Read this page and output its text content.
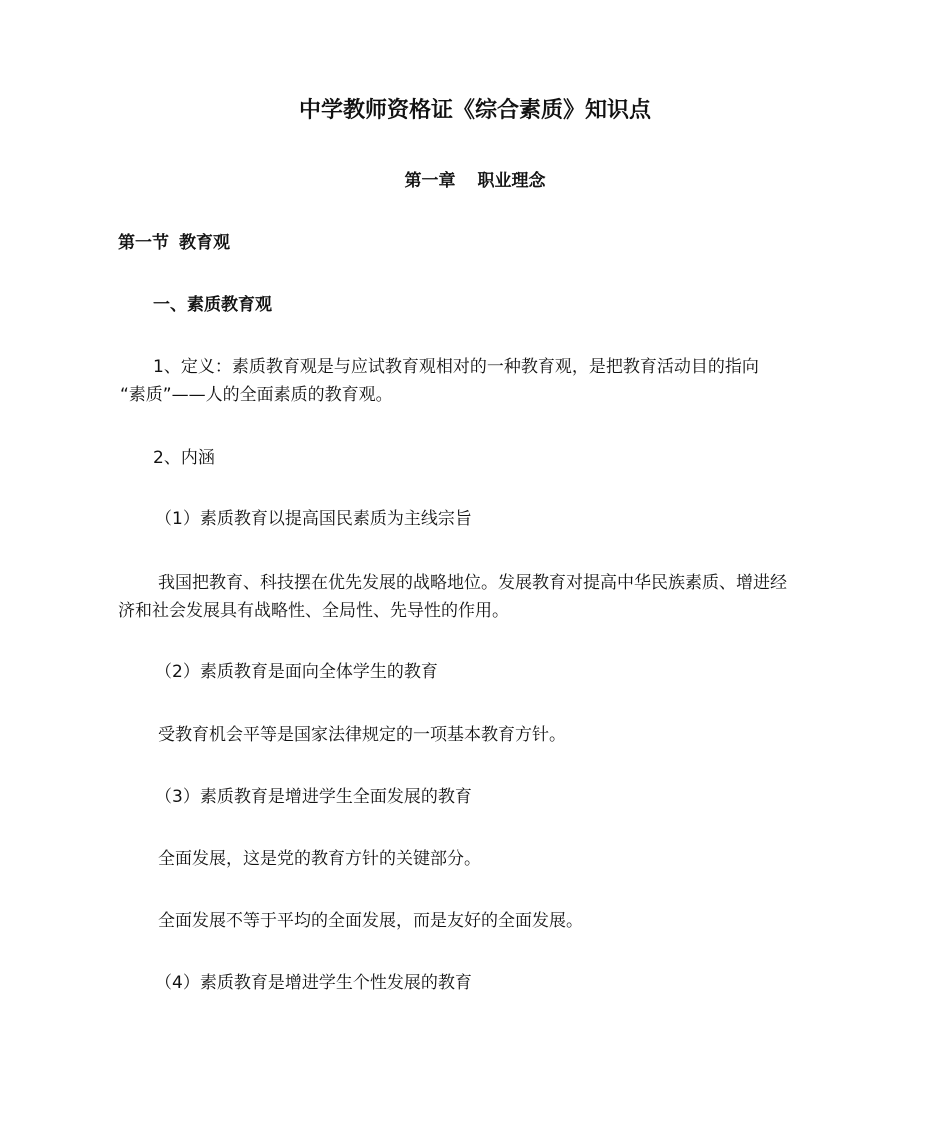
中学教师资格证《综合素质》知识点
第一章 职业理念
第一节 教育观
一、素质教育观
1、定义：素质教育观是与应试教育观相对的一种教育观，是把教育活动目的指向
“素质”——人的全面素质的教育观。
2、内涵
（1）素质教育以提高国民素质为主线宗旨
我国把教育、科技摆在优先发展的战略地位。发展教育对提高中华民族素质、增进经
济和社会发展具有战略性、全局性、先导性的作用。
（2）素质教育是面向全体学生的教育
受教育机会平等是国家法律规定的一项基本教育方针。
（3）素质教育是增进学生全面发展的教育
全面发展，这是党的教育方针的关键部分。
全面发展不等于平均的全面发展，而是友好的全面发展。
（4）素质教育是增进学生个性发展的教育
